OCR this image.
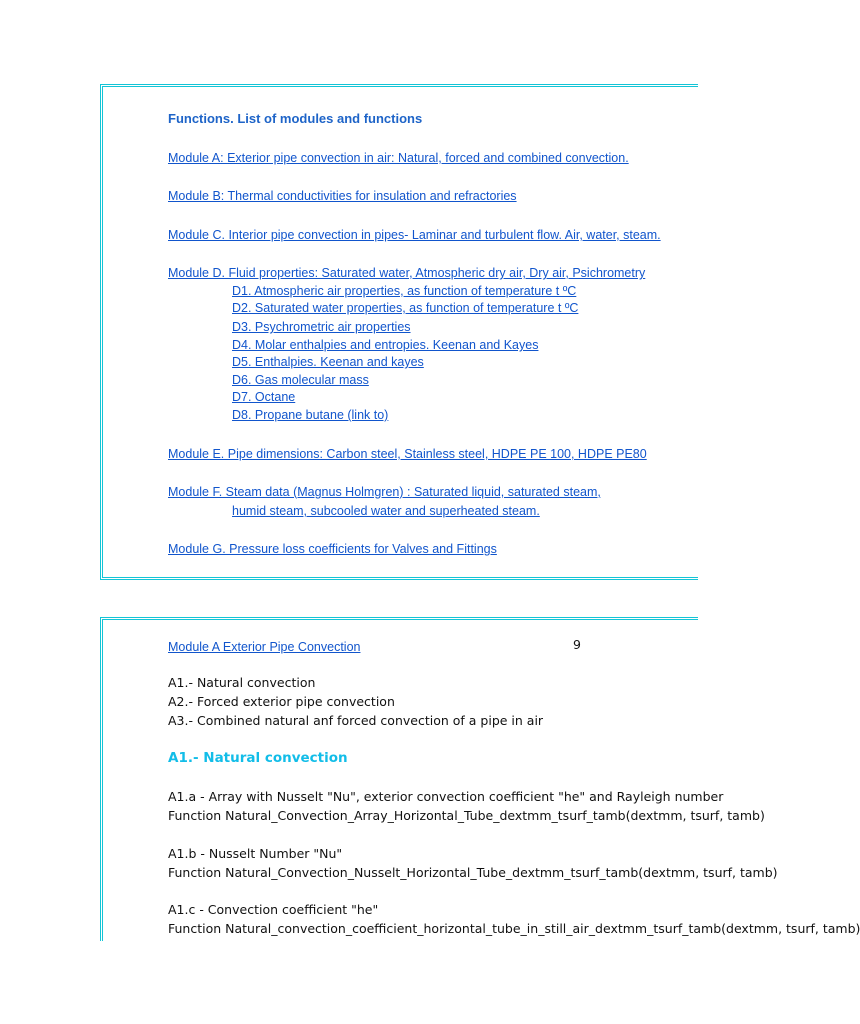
Functions. List of modules and functions
Module A: Exterior pipe convection in air: Natural, forced and combined convection.
Module B: Thermal conductivities for insulation and refractories
Module C. Interior pipe convection in pipes- Laminar and turbulent flow. Air, water, steam.
Module D. Fluid properties: Saturated water, Atmospheric dry air, Dry air, Psichrometry
D1. Atmospheric air properties, as function of temperature t ºC
D2. Saturated water properties, as function of temperature t ºC
D3. Psychrometric air properties
D4. Molar enthalpies and entropies. Keenan and Kayes
D5. Enthalpies. Keenan and kayes
D6. Gas molecular mass
D7. Octane
D8. Propane butane (link to)
Module E. Pipe dimensions: Carbon steel, Stainless steel, HDPE PE 100, HDPE PE80
Module F. Steam data (Magnus Holmgren) : Saturated liquid, saturated steam,
humid steam, subcooled water and superheated steam.
Module G. Pressure loss coefficients for Valves and Fittings
Module A Exterior Pipe Convection	9
A1.- Natural convection
A2.- Forced exterior pipe convection
A3.- Combined natural anf forced convection of a pipe in air
A1.- Natural convection
A1.a - Array with Nusselt "Nu", exterior convection coefficient "he" and Rayleigh number
Function Natural_Convection_Array_Horizontal_Tube_dextmm_tsurf_tamb(dextmm, tsurf, tamb)
A1.b - Nusselt Number "Nu"
Function Natural_Convection_Nusselt_Horizontal_Tube_dextmm_tsurf_tamb(dextmm, tsurf, tamb)
A1.c - Convection coefficient "he"
Function Natural_convection_coefficient_horizontal_tube_in_still_air_dextmm_tsurf_tamb(dextmm, tsurf, tamb)
